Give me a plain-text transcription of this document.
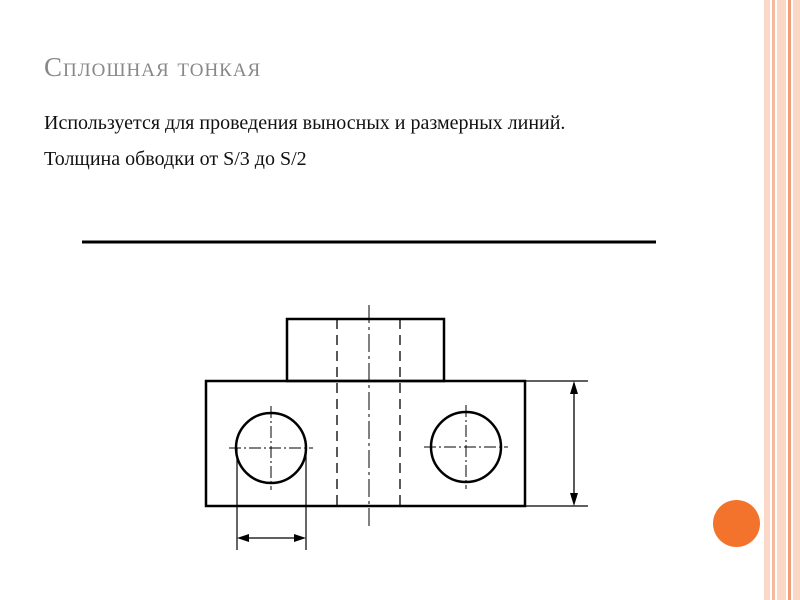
Сплошная тонкая

Используется для проведения выносных и размерных линий.

Толщина обводки от S/3 до S/2
